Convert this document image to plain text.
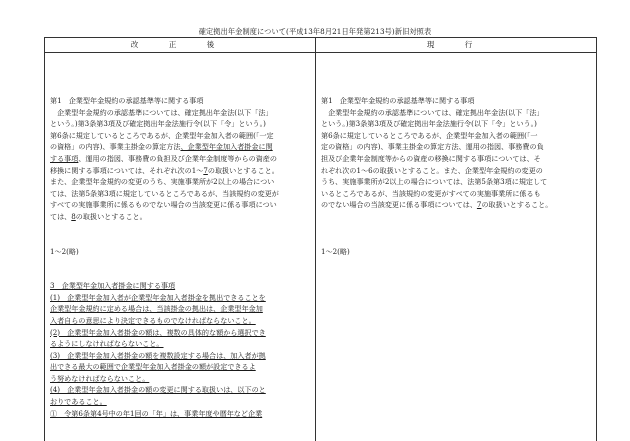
確定拠出年金制度について(平成13年8月21日年発第213号)新旧対照表
改 正 後	現 行

第1　企業型年金規約の承認基準等に関する事項

　企業型年金規約の承認基準については、確定拠出年金法(以下「法」

という。)第3条第3項及び確定拠出年金法施行令(以下「令」という。)

第6条に規定しているところであるが、企業型年金加入者の範囲(「一定

の資格」の内容)、事業主掛金の算定方法、企業型年金加入者掛金に関

する事項、運用の指図、事務費の負担及び企業年金制度等からの資産の

移換に関する事項については、それぞれ次の1～7の取扱いとすること。

また、企業型年金規約の変更のうち、実施事業所が2以上の場合につい

ては、法第5条第3項に規定しているところであるが、当該規約の変更が

すべての実施事業所に係るものでない場合の当該変更に係る事項につい

ては、8の取扱いとすること。

1～2(略)

3　企業型年金加入者掛金に関する事項

(1)　企業型年金加入者が企業型年金加入者掛金を拠出できることを

企業型年金規約に定める場合は、当該掛金の拠出は、企業型年金加

入者自らの意思により決定できるものでなければならないこと。

(2)　企業型年金加入者掛金の額は、複数の具体的な額から選択でき

るようにしなければならないこと。

(3)　企業型年金加入者掛金の額を複数設定する場合は、加入者が拠

出できる最大の範囲で企業型年金加入者掛金の額が設定できるよ

う努めなければならないこと。

(4)　企業型年金加入者掛金の額の変更に関する取扱いは、以下のと

おりであること。

①　令第6条第4号中の年1回の「年」は、事業年度や暦年など企業

第1　企業型年金規約の承認基準等に関する事項

　企業型年金規約の承認基準については、確定拠出年金法(以下「法」

という。)第3条第3項及び確定拠出年金法施行令(以下「令」という。)

第6条に規定しているところであるが、企業型年金加入者の範囲(「一

定の資格」の内容)、事業主掛金の算定方法、運用の指図、事務費の負

担及び企業年金制度等からの資産の移換に関する事項については、そ

れぞれ次の1～6の取扱いとすること。また、企業型年金規約の変更の

うち、実施事業所が2以上の場合については、法第5条第3項に規定して

いるところであるが、当該規約の変更がすべての実施事業所に係るも

のでない場合の当該変更に係る事項については、7の取扱いとすること。

1～2(略)
